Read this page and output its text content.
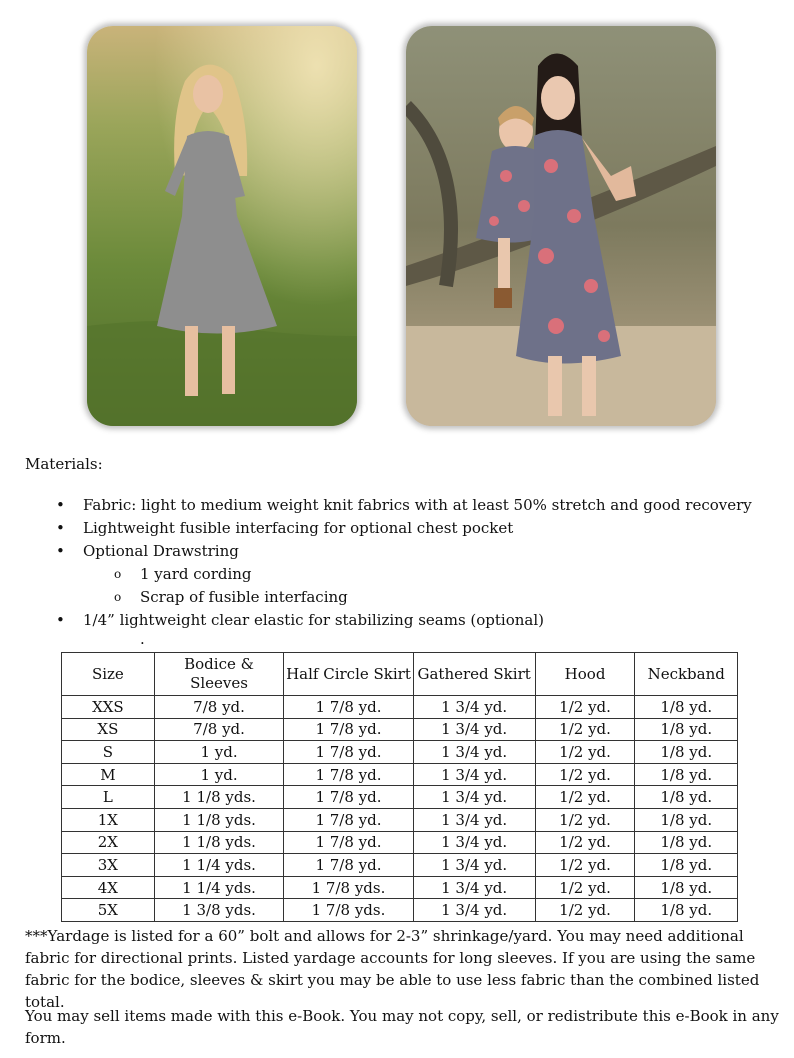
Materials:

• Fabric: light to medium weight knit fabrics with at least 50% stretch and good recovery
• Lightweight fusible interfacing for optional chest pocket
• Optional Drawstring
o 1 yard cording
o Scrap of fusible interfacing
• 1/4” lightweight clear elastic for stabilizing seams (optional)
.
Size	Bodice & Sleeves	Half Circle Skirt	Gathered Skirt	Hood	Neckband
XXS	7/8 yd.	1 7/8 yd.	1 3/4 yd.	1/2 yd.	1/8 yd.
XS	7/8 yd.	1 7/8 yd.	1 3/4 yd.	1/2 yd.	1/8 yd.
S	1 yd.	1 7/8 yd.	1 3/4 yd.	1/2 yd.	1/8 yd.
M	1 yd.	1 7/8 yd.	1 3/4 yd.	1/2 yd.	1/8 yd.
L	1 1/8 yds.	1 7/8 yd.	1 3/4 yd.	1/2 yd.	1/8 yd.
1X	1 1/8 yds.	1 7/8 yd.	1 3/4 yd.	1/2 yd.	1/8 yd.
2X	1 1/8 yds.	1 7/8 yd.	1 3/4 yd.	1/2 yd.	1/8 yd.
3X	1 1/4 yds.	1 7/8 yd.	1 3/4 yd.	1/2 yd.	1/8 yd.
4X	1 1/4 yds.	1 7/8 yds.	1 3/4 yd.	1/2 yd.	1/8 yd.
5X	1 3/8 yds.	1 7/8 yds.	1 3/4 yd.	1/2 yd.	1/8 yd.

***Yardage is listed for a 60” bolt and allows for 2-3” shrinkage/yard. You may need additional fabric for directional prints. Listed yardage accounts for long sleeves. If you are using the same fabric for the bodice, sleeves & skirt you may be able to use less fabric than the combined listed total.

You may sell items made with this e-Book. You may not copy, sell, or redistribute this e-Book in any form.
